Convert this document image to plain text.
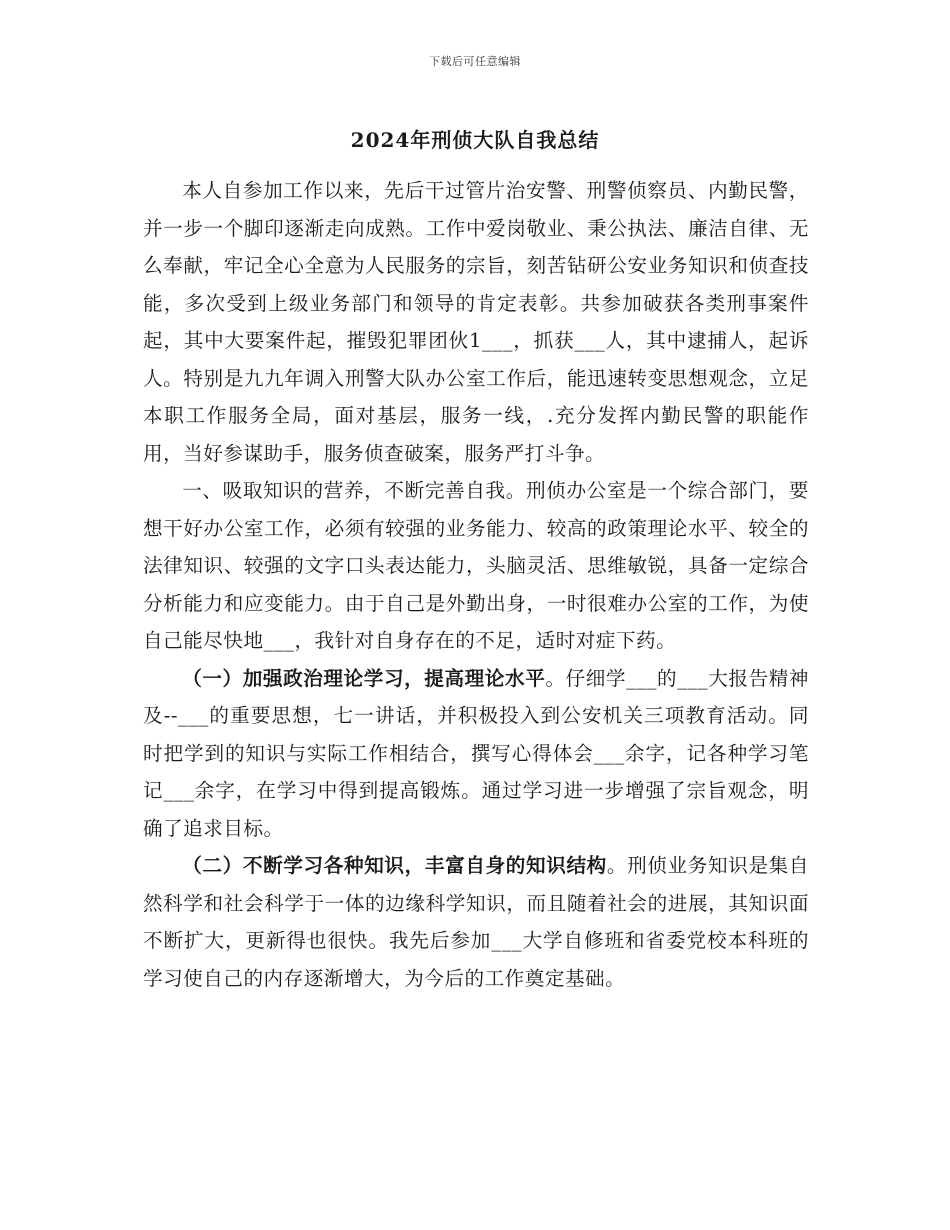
下载后可任意编辑
2024年刑侦大队自我总结

本人自参加工作以来，先后干过管片治安警、刑警侦察员、内勤民警，并一步一个脚印逐渐走向成熟。工作中爱岗敬业、秉公执法、廉洁自律、无么奉献，牢记全心全意为人民服务的宗旨，刻苦钻研公安业务知识和侦查技能，多次受到上级业务部门和领导的肯定表彰。共参加破获各类刑事案件起，其中大要案件起，摧毁犯罪团伙1___，抓获___人，其中逮捕人，起诉人。特别是九九年调入刑警大队办公室工作后，能迅速转变思想观念，立足本职工作服务全局，面对基层，服务一线，.充分发挥内勤民警的职能作用，当好参谋助手，服务侦查破案，服务严打斗争。

一、吸取知识的营养，不断完善自我。刑侦办公室是一个综合部门，要想干好办公室工作，必须有较强的业务能力、较高的政策理论水平、较全的法律知识、较强的文字口头表达能力，头脑灵活、思维敏锐，具备一定综合分析能力和应变能力。由于自己是外勤出身，一时很难办公室的工作，为使自己能尽快地___，我针对自身存在的不足，适时对症下药。

（一）加强政治理论学习，提高理论水平。仔细学___的___大报告精神及--___的重要思想，七一讲话，并积极投入到公安机关三项教育活动。同时把学到的知识与实际工作相结合，撰写心得体会___余字，记各种学习笔记___余字，在学习中得到提高锻炼。通过学习进一步增强了宗旨观念，明确了追求目标。

（二）不断学习各种知识，丰富自身的知识结构。刑侦业务知识是集自然科学和社会科学于一体的边缘科学知识，而且随着社会的进展，其知识面不断扩大，更新得也很快。我先后参加___大学自修班和省委党校本科班的学习使自己的内存逐渐增大，为今后的工作奠定基础。
